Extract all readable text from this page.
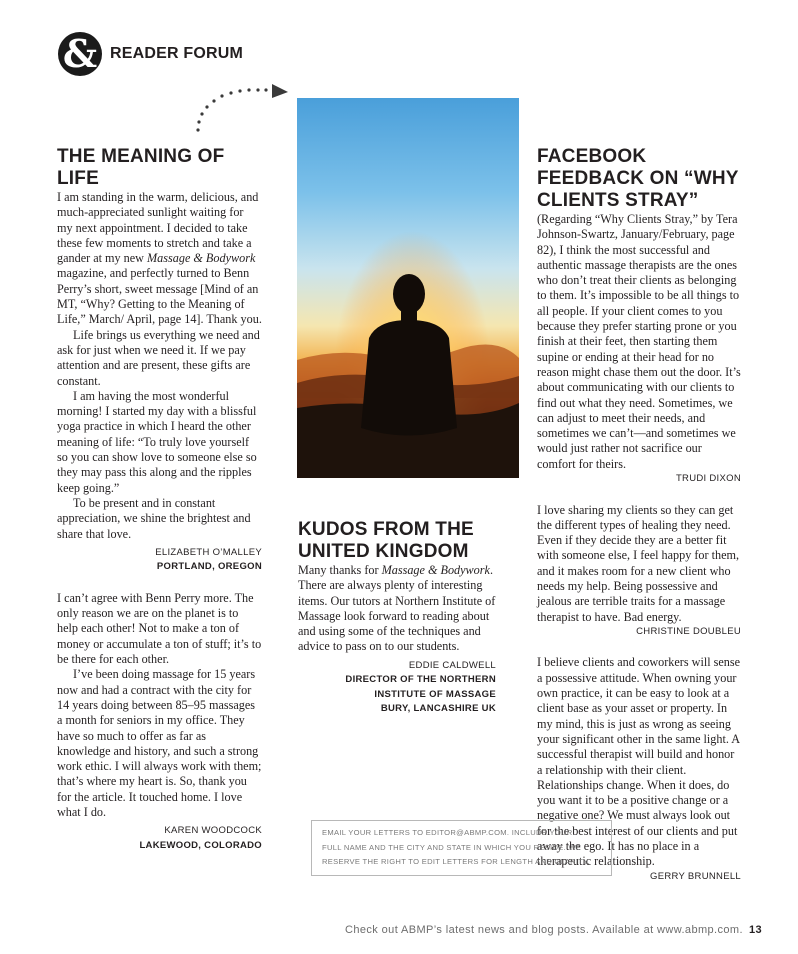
& READER FORUM
THE MEANING OF LIFE

I am standing in the warm, delicious, and much-appreciated sunlight waiting for my next appointment. I decided to take these few moments to stretch and take a gander at my new Massage & Bodywork magazine, and perfectly turned to Benn Perry’s short, sweet message [Mind of an MT, “Why? Getting to the Meaning of Life,” March/ April, page 14]. Thank you.

Life brings us everything we need and ask for just when we need it. If we pay attention and are present, these gifts are constant.

I am having the most wonderful morning! I started my day with a blissful yoga practice in which I heard the other meaning of life: “To truly love yourself so you can show love to someone else so they may pass this along and the ripples keep going.”

To be present and in constant appreciation, we shine the brightest and share that love.

ELIZABETH O’MALLEY
PORTLAND, OREGON

I can’t agree with Benn Perry more. The only reason we are on the planet is to help each other! Not to make a ton of money or accumulate a ton of stuff; it’s to be there for each other.

I’ve been doing massage for 15 years now and had a contract with the city for 14 years doing between 85–95 massages a month for seniors in my office. They have so much to offer as far as knowledge and history, and such a strong work ethic. I will always work with them; that’s where my heart is. So, thank you for the article. It touched home. I love what I do.

KAREN WOODCOCK
LAKEWOOD, COLORADO
KUDOS FROM THE UNITED KINGDOM

Many thanks for Massage & Bodywork. There are always plenty of interesting items. Our tutors at Northern Institute of Massage look forward to reading about and using some of the techniques and advice to pass on to our students.

EDDIE CALDWELL
DIRECTOR OF THE NORTHERN
INSTITUTE OF MASSAGE
BURY, LANCASHIRE UK
FACEBOOK FEEDBACK ON “WHY CLIENTS STRAY”

(Regarding “Why Clients Stray,” by Tera Johnson-Swartz, January/February, page 82), I think the most successful and authentic massage therapists are the ones who don’t treat their clients as belonging to them. It’s impossible to be all things to all people. If your client comes to you because they prefer starting prone or you finish at their feet, then starting them supine or ending at their head for no reason might chase them out the door. It’s about communicating with our clients to find out what they need. Sometimes, we can adjust to meet their needs, and sometimes we can’t—and sometimes we would just rather not sacrifice our comfort for theirs.

TRUDI DIXON

I love sharing my clients so they can get the different types of healing they need. Even if they decide they are a better fit with someone else, I feel happy for them, and it makes room for a new client who needs my help. Being possessive and jealous are terrible traits for a massage therapist to have. Bad energy.

CHRISTINE DOUBLEU

I believe clients and coworkers will sense a possessive attitude. When owning your own practice, it can be easy to look at a client base as your asset or property. In my mind, this is just as wrong as seeing your significant other in the same light. A successful therapist will build and honor a relationship with their client. Relationships change. When it does, do you want it to be a positive change or a negative one? We must always look out for the best interest of our clients and put away the ego. It has no place in a therapeutic relationship.

GERRY BRUNNELL
EMAIL YOUR LETTERS TO EDITOR@ABMP.COM. INCLUDE YOUR
FULL NAME AND THE CITY AND STATE IN WHICH YOU RESIDE. WE
RESERVE THE RIGHT TO EDIT LETTERS FOR LENGTH AND CLARITY.
Check out ABMP’s latest news and blog posts. Available at www.abmp.com. 13
